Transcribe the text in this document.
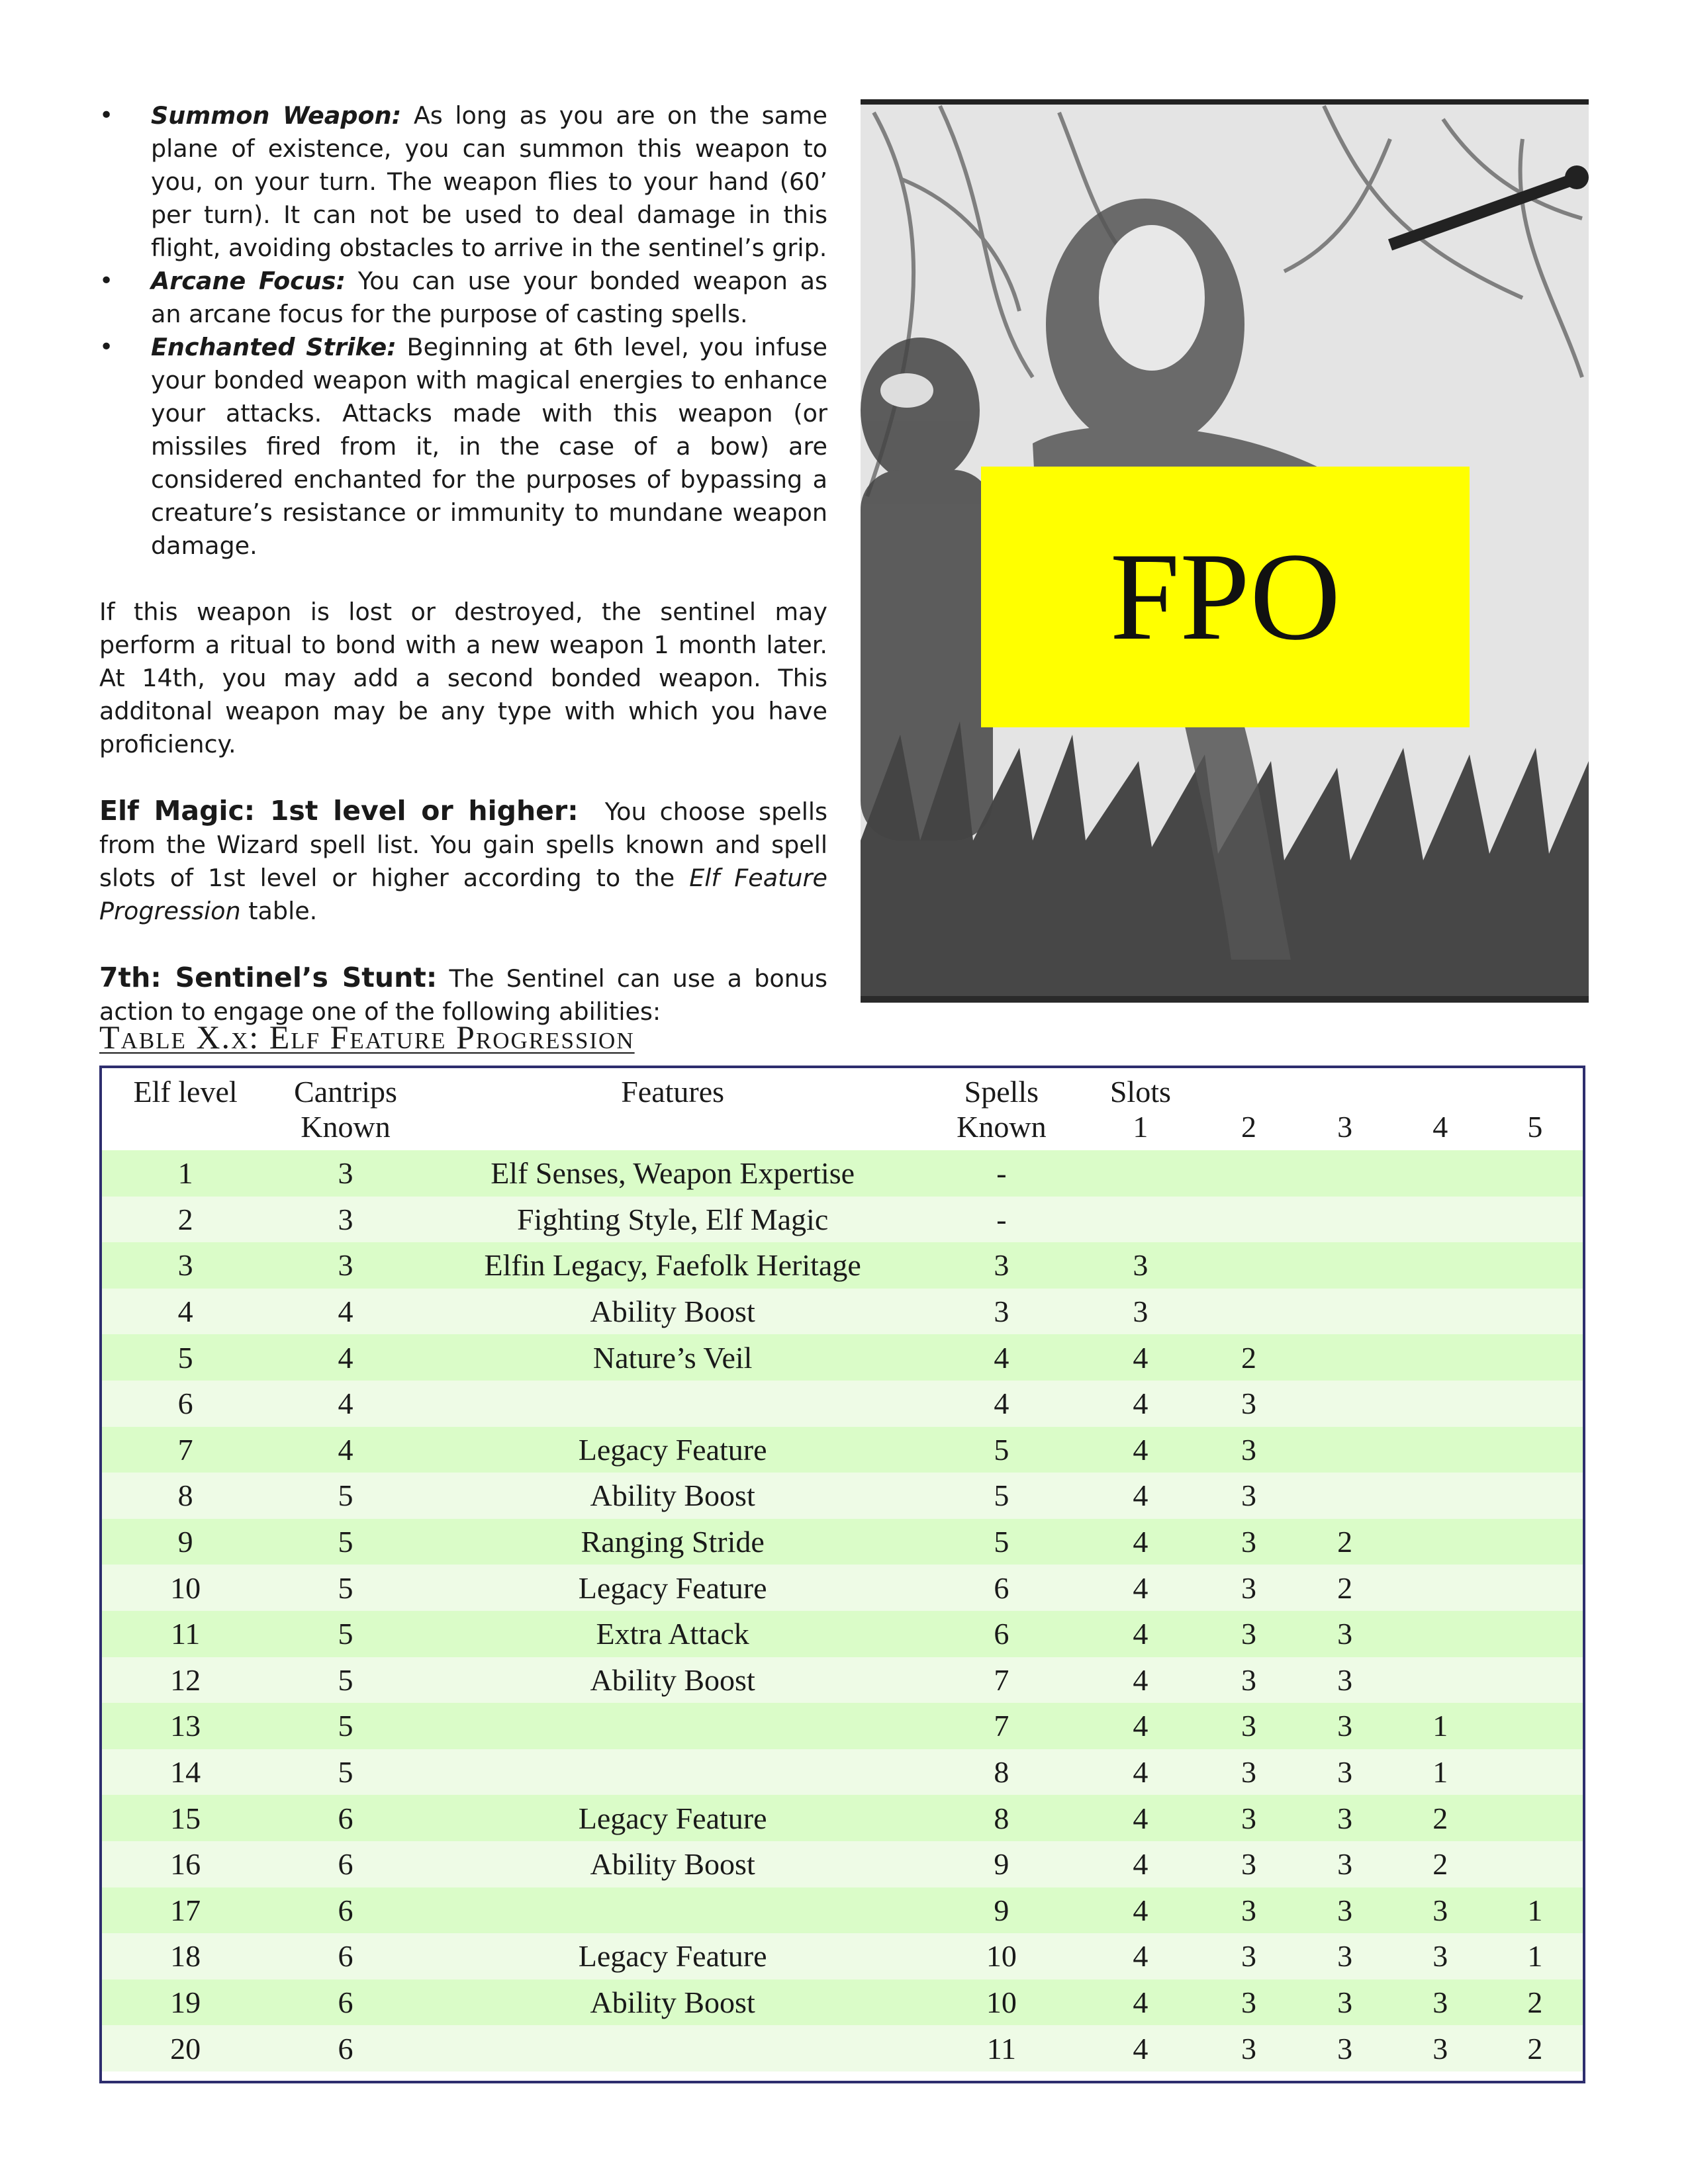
• Summon Weapon: As long as you are on the same plane of existence, you can summon this weapon to you, on your turn. The weapon flies to your hand (60’ per turn). It can not be used to deal damage in this flight, avoiding obstacles to arrive in the sentinel’s grip.
• Arcane Focus: You can use your bonded weapon as an arcane focus for the purpose of casting spells.
• Enchanted Strike: Beginning at 6th level, you infuse your bonded weapon with magical energies to enhance your attacks. Attacks made with this weapon (or missiles fired from it, in the case of a bow) are considered enchanted for the purposes of bypassing a creature’s resistance or immunity to mundane weapon damage.

If this weapon is lost or destroyed, the sentinel may perform a ritual to bond with a new weapon 1 month later. At 14th, you may add a second bonded weapon. This additonal weapon may be any type with which you have proficiency.

Elf Magic: 1st level or higher: You choose spells from the Wizard spell list. You gain spells known and spell slots of 1st level or higher according to the Elf Feature Progression table.

7th: Sentinel’s Stunt: The Sentinel can use a bonus action to engage one of the following abilities:

FPO
Table X.x: Elf Feature Progression
Elf level	Cantrips	Features	Spells	Slots				
	Known		Known	1	2	3	4	5
1	3	Elf Senses, Weapon Expertise	-					
2	3	Fighting Style, Elf Magic	-					
3	3	Elfin Legacy, Faefolk Heritage	3	3				
4	4	Ability Boost	3	3				
5	4	Nature’s Veil	4	4	2			
6	4		4	4	3			
7	4	Legacy Feature	5	4	3			
8	5	Ability Boost	5	4	3			
9	5	Ranging Stride	5	4	3	2		
10	5	Legacy Feature	6	4	3	2		
11	5	Extra Attack	6	4	3	3		
12	5	Ability Boost	7	4	3	3		
13	5		7	4	3	3	1	
14	5		8	4	3	3	1	
15	6	Legacy Feature	8	4	3	3	2	
16	6	Ability Boost	9	4	3	3	2	
17	6		9	4	3	3	3	1
18	6	Legacy Feature	10	4	3	3	3	1
19	6	Ability Boost	10	4	3	3	3	2
20	6		11	4	3	3	3	2
